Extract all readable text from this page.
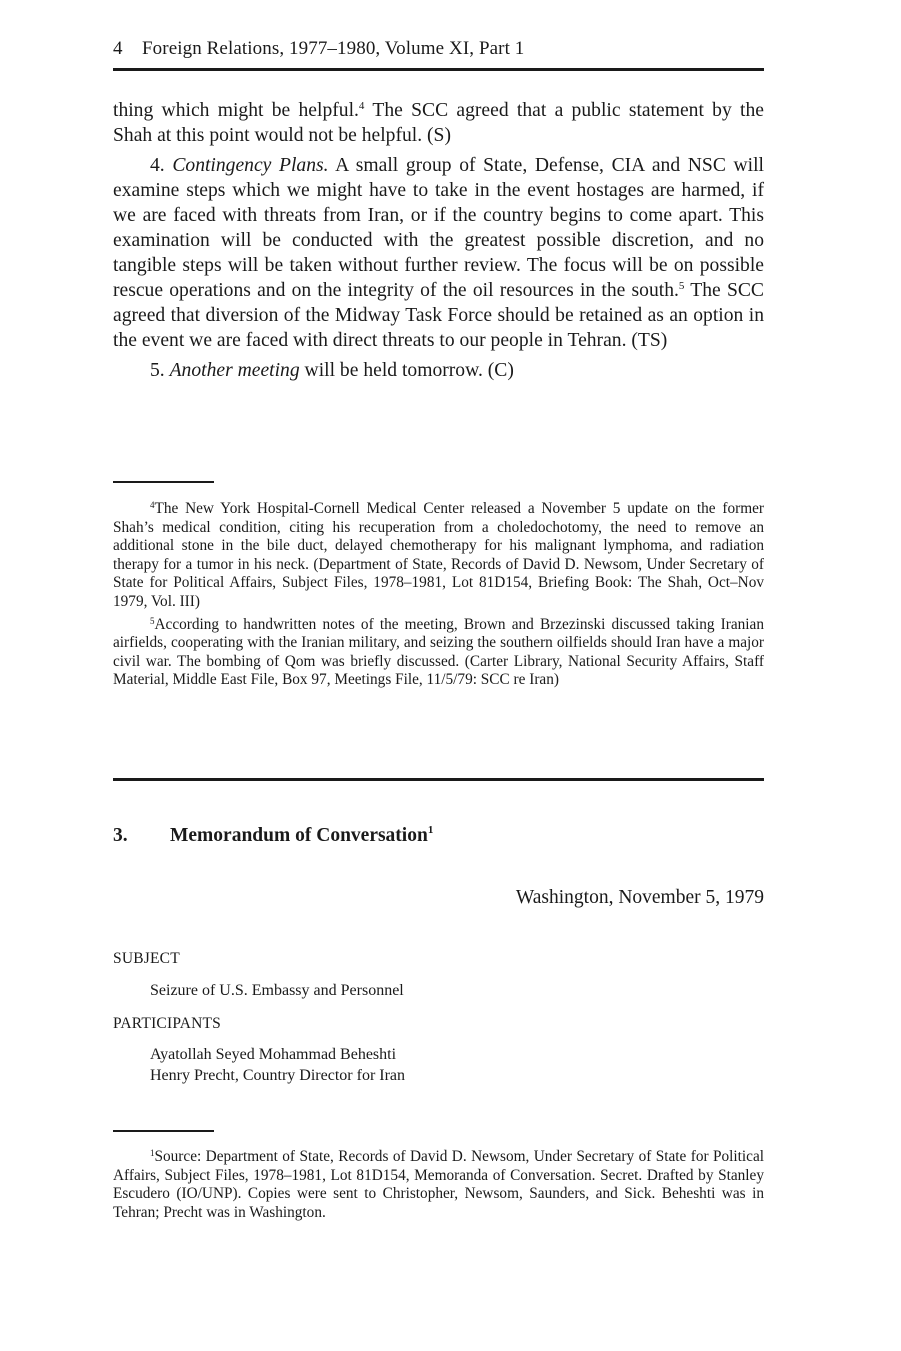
4    Foreign Relations, 1977–1980, Volume XI, Part 1

thing which might be helpful.$^4$ The SCC agreed that a public statement by the Shah at this point would not be helpful. (S)

4. Contingency Plans. A small group of State, Defense, CIA and NSC will examine steps which we might have to take in the event hostages are harmed, if we are faced with threats from Iran, or if the country begins to come apart. This examination will be conducted with the greatest possible discretion, and no tangible steps will be taken without further review. The focus will be on possible rescue operations and on the integrity of the oil resources in the south.$^5$ The SCC agreed that diversion of the Midway Task Force should be retained as an option in the event we are faced with direct threats to our people in Tehran. (TS)

5. Another meeting will be held tomorrow. (C)

$^4$The New York Hospital-Cornell Medical Center released a November 5 update on the former Shah’s medical condition, citing his recuperation from a choledochotomy, the need to remove an additional stone in the bile duct, delayed chemotherapy for his malignant lymphoma, and radiation therapy for a tumor in his neck. (Department of State, Records of David D. Newsom, Under Secretary of State for Political Affairs, Subject Files, 1978–1981, Lot 81D154, Briefing Book: The Shah, Oct–Nov 1979, Vol. III)

$^5$According to handwritten notes of the meeting, Brown and Brzezinski discussed taking Iranian airfields, cooperating with the Iranian military, and seizing the southern oilfields should Iran have a major civil war. The bombing of Qom was briefly discussed. (Carter Library, National Security Affairs, Staff Material, Middle East File, Box 97, Meetings File, 11/5/79: SCC re Iran)

3. Memorandum of Conversation$^1$
Washington, November 5, 1979
SUBJECT
Seizure of U.S. Embassy and Personnel
PARTICIPANTS
Ayatollah Seyed Mohammad Beheshti
Henry Precht, Country Director for Iran

$^1$Source: Department of State, Records of David D. Newsom, Under Secretary of State for Political Affairs, Subject Files, 1978–1981, Lot 81D154, Memoranda of Conversation. Secret. Drafted by Stanley Escudero (IO/UNP). Copies were sent to Christopher, Newsom, Saunders, and Sick. Beheshti was in Tehran; Precht was in Washington.
